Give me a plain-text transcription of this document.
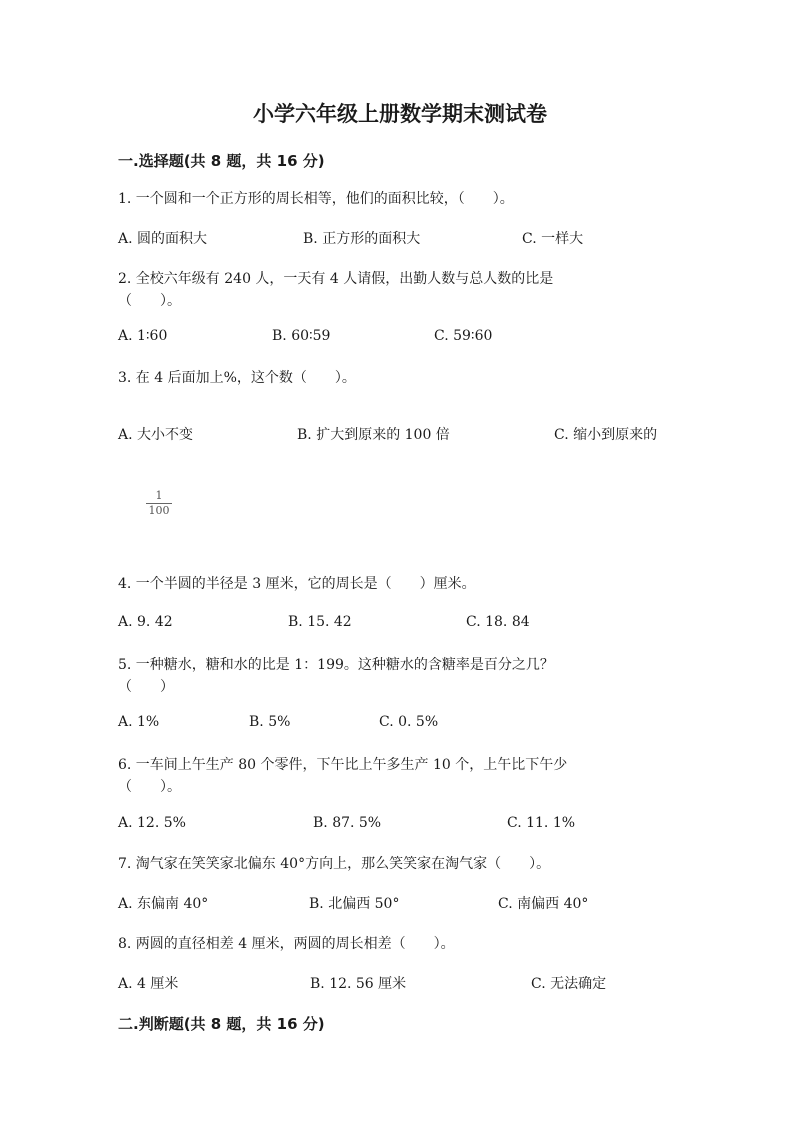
小学六年级上册数学期末测试卷
一.选择题(共 8 题，共 16 分)
1. 一个圆和一个正方形的周长相等，他们的面积比较，（　　）。
A. 圆的面积大	B. 正方形的面积大	C. 一样大
2. 全校六年级有 240 人，一天有 4 人请假，出勤人数与总人数的比是
（　　）。
A. 1∶60	B. 60∶59	C. 59∶60
3. 在 4 后面加上%，这个数（　　）。
A. 大小不变	B. 扩大到原来的 100 倍	C. 缩小到原来的
1
100
4. 一个半圆的半径是 3 厘米，它的周长是（　　）厘米。
A. 9. 42	B. 15. 42	C. 18. 84
5. 一种糖水，糖和水的比是 1：199。这种糖水的含糖率是百分之几？
（　　）
A. 1%	B. 5%	C. 0. 5%
6. 一车间上午生产 80 个零件，下午比上午多生产 10 个，上午比下午少
（　　）。
A. 12. 5%	B. 87. 5%	C. 11. 1%
7. 淘气家在笑笑家北偏东 40°方向上，那么笑笑家在淘气家（　　）。
A. 东偏南 40°	B. 北偏西 50°	C. 南偏西 40°
8. 两圆的直径相差 4 厘米，两圆的周长相差（　　）。
A. 4 厘米	B. 12. 56 厘米	C. 无法确定
二.判断题(共 8 题，共 16 分)
